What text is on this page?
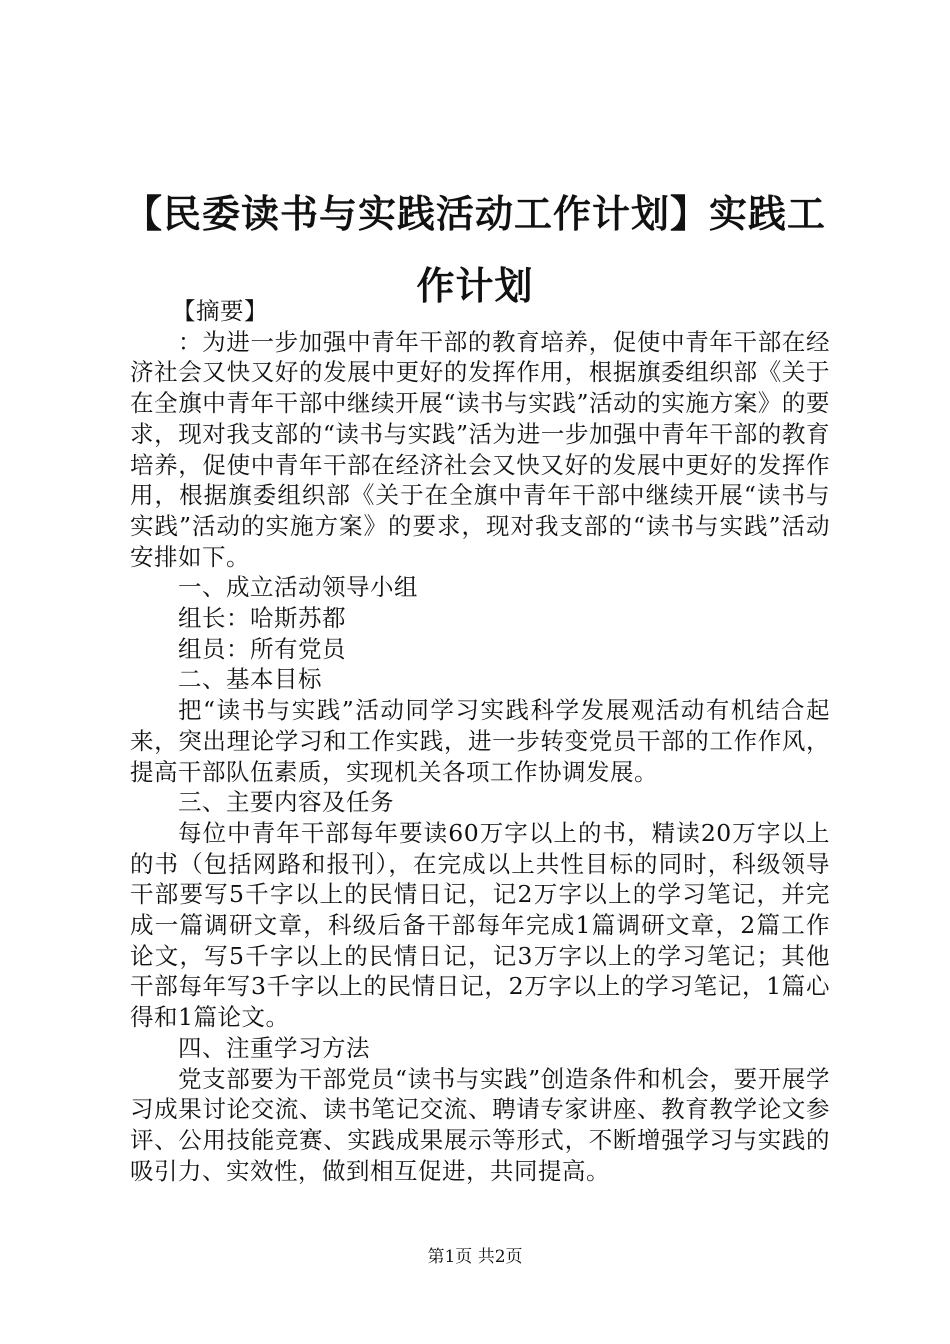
【民委读书与实践活动工作计划】实践工作计划

【摘要】

：为进一步加强中青年干部的教育培养，促使中青年干部在经济社会又快又好的发展中更好的发挥作用，根据旗委组织部《关于在全旗中青年干部中继续开展“读书与实践”活动的实施方案》的要求，现对我支部的“读书与实践”活为进一步加强中青年干部的教育培养，促使中青年干部在经济社会又快又好的发展中更好的发挥作用，根据旗委组织部《关于在全旗中青年干部中继续开展“读书与实践”活动的实施方案》的要求，现对我支部的“读书与实践”活动安排如下。

一、成立活动领导小组

组长：哈斯苏都

组员：所有党员

二、基本目标

把“读书与实践”活动同学习实践科学发展观活动有机结合起来，突出理论学习和工作实践，进一步转变党员干部的工作作风，提高干部队伍素质，实现机关各项工作协调发展。

三、主要内容及任务

每位中青年干部每年要读60万字以上的书，精读20万字以上的书（包括网路和报刊），在完成以上共性目标的同时，科级领导干部要写5千字以上的民情日记，记2万字以上的学习笔记，并完成一篇调研文章，科级后备干部每年完成1篇调研文章，2篇工作论文，写5千字以上的民情日记，记3万字以上的学习笔记；其他干部每年写3千字以上的民情日记，2万字以上的学习笔记，1篇心得和1篇论文。

四、注重学习方法

党支部要为干部党员“读书与实践”创造条件和机会，要开展学习成果讨论交流、读书笔记交流、聘请专家讲座、教育教学论文参评、公用技能竞赛、实践成果展示等形式，不断增强学习与实践的吸引力、实效性，做到相互促进，共同提高。

第1页 共2页
